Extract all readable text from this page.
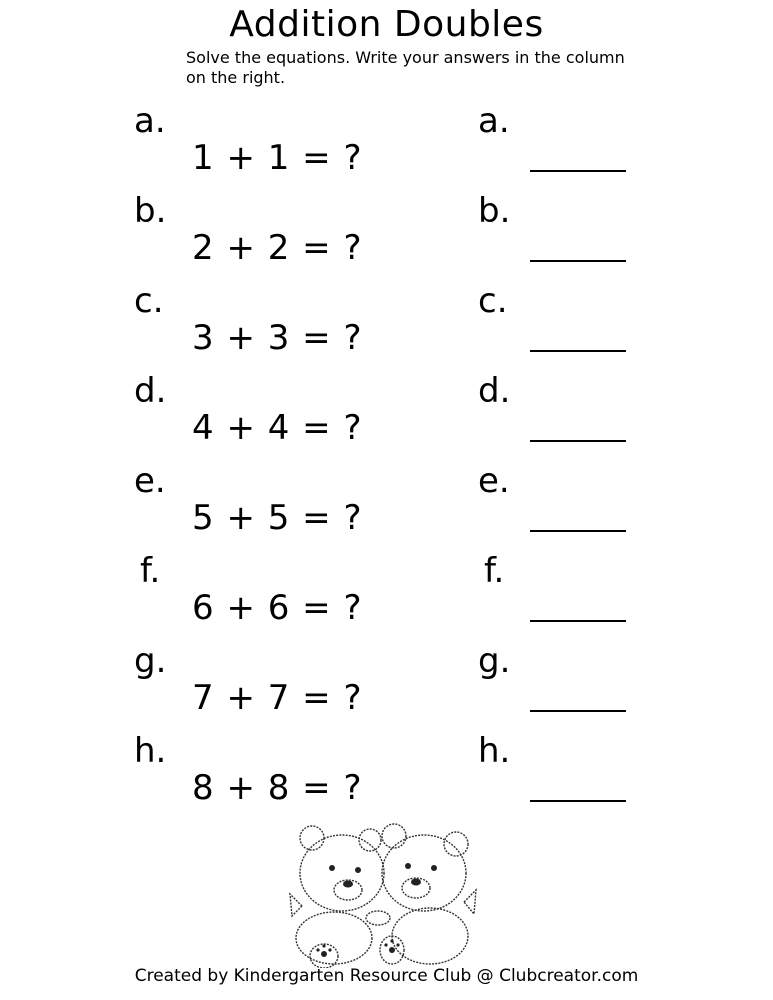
Addition Doubles
Solve the equations. Write your answers in the column on the right.
a.
1 + 1 = ?
a.
b.
2 + 2 = ?
b.
c.
3 + 3 = ?
c.
d.
4 + 4 = ?
d.
e.
5 + 5 = ?
e.
f.
6 + 6 = ?
f.
g.
7 + 7 = ?
g.
h.
8 + 8 = ?
h.
Created by Kindergarten Resource Club @ Clubcreator.com
